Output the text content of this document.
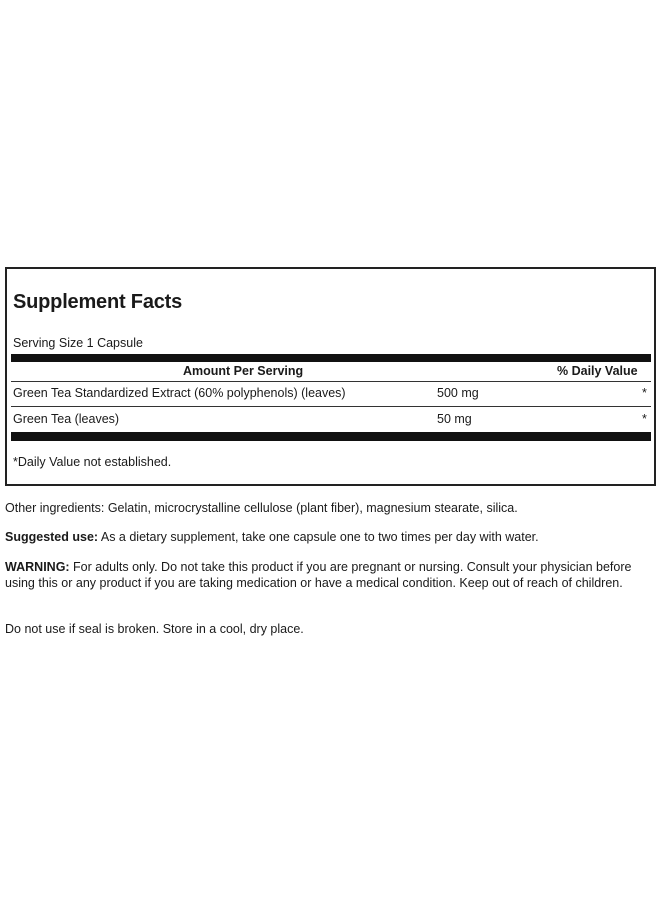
Supplement Facts
Serving Size 1 Capsule
Amount Per Serving	% Daily Value
Green Tea Standardized Extract (60% polyphenols) (leaves)	500 mg	*
Green Tea (leaves)	50 mg	*
*Daily Value not established.
Other ingredients: Gelatin, microcrystalline cellulose (plant fiber), magnesium stearate, silica.
Suggested use: As a dietary supplement, take one capsule one to two times per day with water.
WARNING: For adults only. Do not take this product if you are pregnant or nursing. Consult your physician before using this or any product if you are taking medication or have a medical condition. Keep out of reach of children.
Do not use if seal is broken. Store in a cool, dry place.
